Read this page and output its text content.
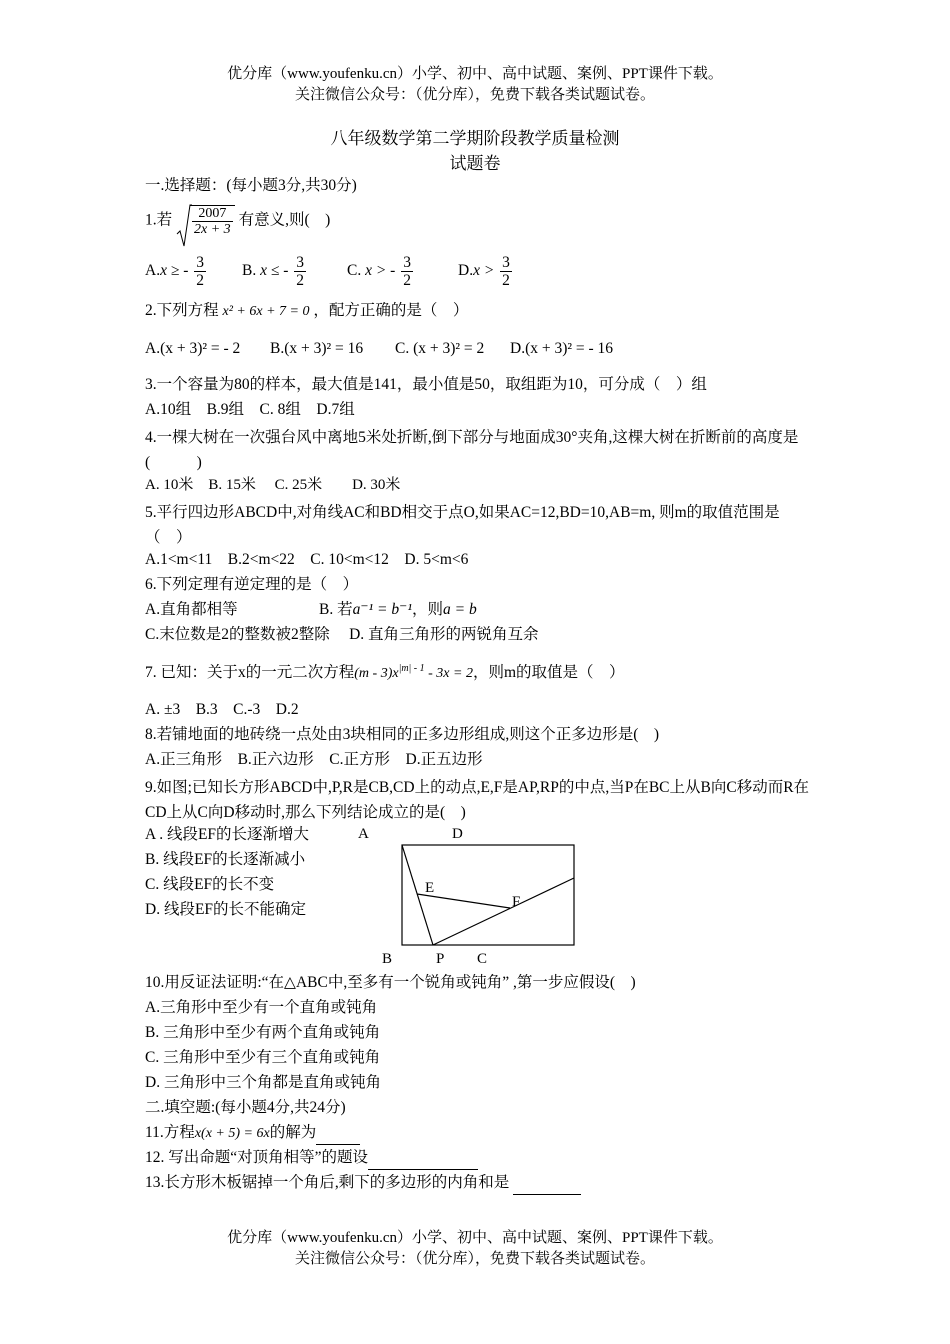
优分库（www.youfenku.cn）小学、初中、高中试题、案例、PPT课件下载。
关注微信公众号：（优分库），免费下载各类试题试卷。
八年级数学第二学期阶段教学质量检测
试题卷
一.选择题：(每小题3分,共30分)
1.若 $\frac{2007}{2x + 3}$ 有意义,则(　)
A.x ≥ - $\frac{3}{2} B$. x ≤ - $\frac{3}{2}$	C. x > - $\frac{3}{2}$	$D.x > \frac{3}{2}$
2.下列方程 x² + 6x + 7 = 0 ，配方正确的是（　）
A.(x + 3)² = - 2 B.(x + 3)² = 16 C. (x + 3)² = 2 D.(x + 3)² = - 16
3.一个容量为80的样本，最大值是141，最小值是50，取组距为10，可分成（　）组
A.10组　B.9组　C. 8组　D.7组
4.一棵大树在一次强台风中离地5米处折断,倒下部分与地面成30°夹角,这棵大树在折断前的高度是(　　　)
A. 10米　B. 15米　 C. 25米　　D. 30米
5.平行四边形ABCD中,对角线AC和BD相交于点O,如果AC=12,BD=10,AB=m, 则m的取值范围是（　）
A.1<m<11　B.2<m<22　C. 10<m<12　D. 5<m<6
6.下列定理有逆定理的是（　）
A.直角都相等	B. 若a⁻¹ = b⁻¹，则a = b
C.末位数是2的整数被2整除　 D. 直角三角形的两锐角互余
7. 已知：关于x的一元二次方程$(m - 3)x^{|m| - 1} - 3x = 2$，则m的取值是（　）
A. ±3　B.3　C.-3　D.2
8.若铺地面的地砖绕一点处由3块相同的正多边形组成,则这个正多边形是(　)
A.正三角形　B.正六边形　C.正方形　D.正五边形
9.如图;已知长方形ABCD中,P,R是CB,CD上的动点,E,F是AP,RP的中点,当P在BC上从B向C移动而R在CD上从C向D移动时,那么下列结论成立的是(　)
A . 线段EF的长逐渐增大
B. 线段EF的长逐渐减小
C. 线段EF的长不变
D. 线段EF的长不能确定
A	D
E
F
B	P C
10.用反证法证明:“在△ABC中,至多有一个锐角或钝角” ,第一步应假设(　)
A.三角形中至少有一个直角或钝角
B. 三角形中至少有两个直角或钝角
C. 三角形中至少有三个直角或钝角
D. 三角形中三个角都是直角或钝角
二.填空题:(每小题4分,共24分)
11.方程x(x + 5) = 6x的解为
12. 写出命题“对顶角相等”的题设
13.长方形木板锯掉一个角后,剩下的多边形的内角和是
优分库（www.youfenku.cn）小学、初中、高中试题、案例、PPT课件下载。
关注微信公众号：（优分库），免费下载各类试题试卷。
